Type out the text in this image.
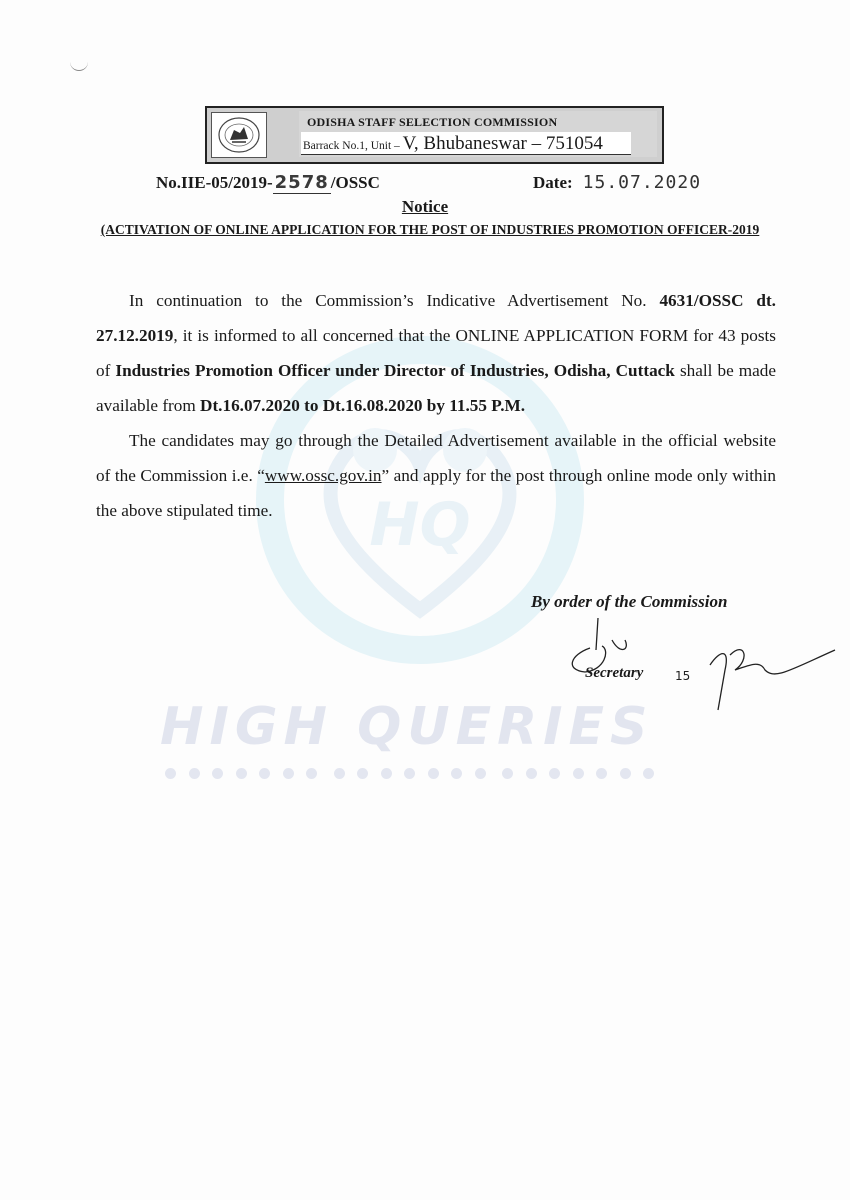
HQ
HIGH QUERIES

ODISHA STAFF SELECTION COMMISSION
Barrack No.1, Unit – V, Bhubaneswar – 751054
No.IIE-05/2019- 2578 /OSSC	Date: 15.07.2020
Notice
(ACTIVATION OF ONLINE APPLICATION FOR THE POST OF INDUSTRIES PROMOTION OFFICER-2019

In continuation to the Commission’s Indicative Advertisement No. 4631/OSSC dt. 27.12.2019, it is informed to all concerned that the ONLINE APPLICATION FORM for 43 posts of Industries Promotion Officer under Director of Industries, Odisha, Cuttack shall be made available from Dt.16.07.2020 to Dt.16.08.2020 by 11.55 P.M.

The candidates may go through the Detailed Advertisement available in the official website of the Commission i.e. “www.ossc.gov.in” and apply for the post through online mode only within the above stipulated time.

By order of the Commission
15
Secretary
